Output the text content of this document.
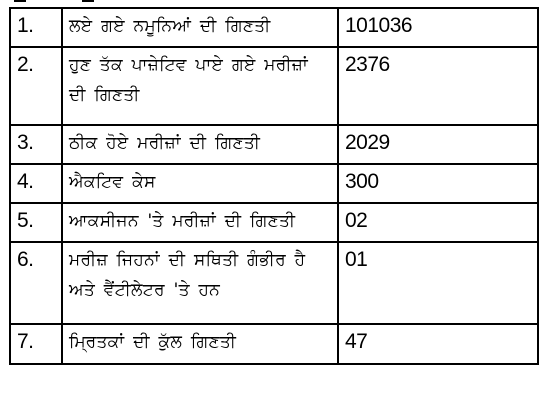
1.	ਲਏ ਗਏ ਨਮੂਨਿਆਂ ਦੀ ਗਿਣਤੀ	101036
2.	ਹੁਣ ਤੱਕ ਪਾਜ਼ੇਟਿਵ ਪਾਏ ਗਏ ਮਰੀਜ਼ਾਂ ਦੀ ਗਿਣਤੀ	2376
3.	ਠੀਕ ਹੋਏ ਮਰੀਜ਼ਾਂ ਦੀ ਗਿਣਤੀ	2029
4.	ਐਕਟਿਵ ਕੇਸ	300
5.	ਆਕਸੀਜਨ 'ਤੇ ਮਰੀਜ਼ਾਂ ਦੀ ਗਿਣਤੀ	02
6.	ਮਰੀਜ਼ ਜਿਹਨਾਂ ਦੀ ਸਥਿਤੀ ਗੰਭੀਰ ਹੈ ਅਤੇ ਵੈਂਟੀਲੇਟਰ 'ਤੇ ਹਨ	01
7.	ਮ੍ਰਿਤਕਾਂ ਦੀ ਕੁੱਲ ਗਿਣਤੀ	47
